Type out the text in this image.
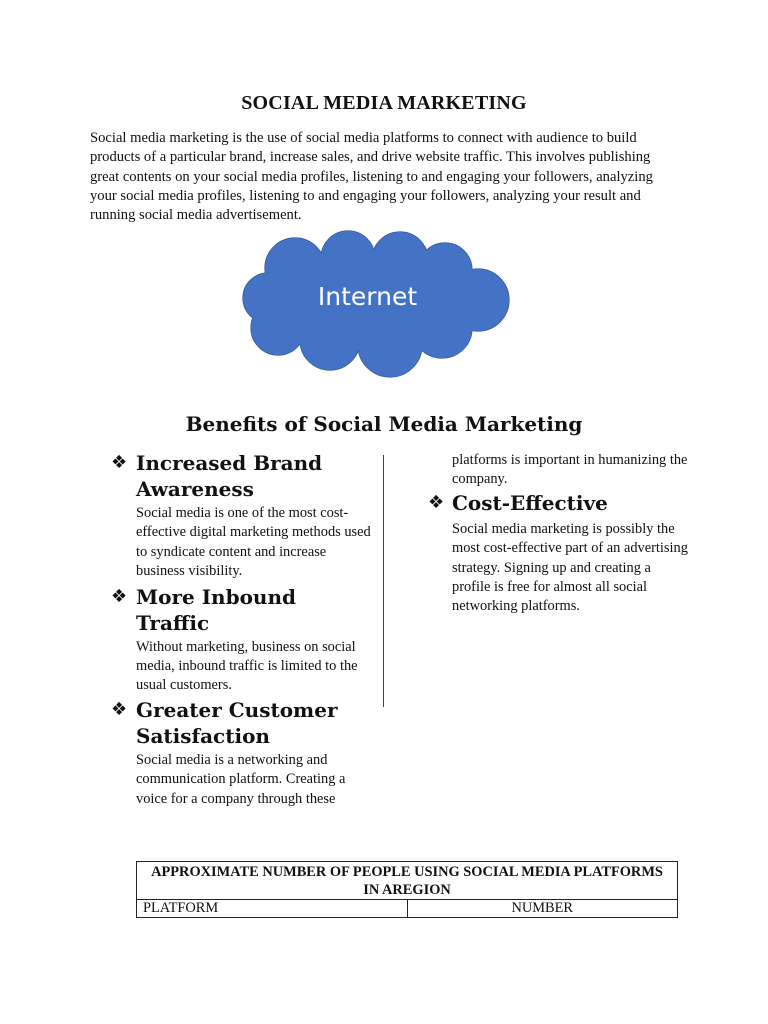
SOCIAL MEDIA MARKETING
Social media marketing is the use of social media platforms to connect with audience to build products of a particular brand, increase sales, and drive website traffic. This involves publishing great contents on your social media profiles, listening to and engaging your followers, analyzing your social media profiles, listening to and engaging your followers, analyzing your result and running social media advertisement.
Internet
Benefits of Social Media Marketing
❖ Increased Brand Awareness
Social media is one of the most cost-effective digital marketing methods used to syndicate content and increase business visibility.
❖ More Inbound Traffic
Without marketing, business on social media, inbound traffic is limited to the usual customers.
❖ Greater Customer Satisfaction
Social media is a networking and communication platform. Creating a voice for a company through these
platforms is important in humanizing the company.
❖ Cost-Effective
Social media marketing is possibly the most cost-effective part of an advertising strategy. Signing up and creating a profile is free for almost all social networking platforms.
APPROXIMATE NUMBER OF PEOPLE USING SOCIAL MEDIA PLATFORMS IN AREGION
PLATFORM	NUMBER
